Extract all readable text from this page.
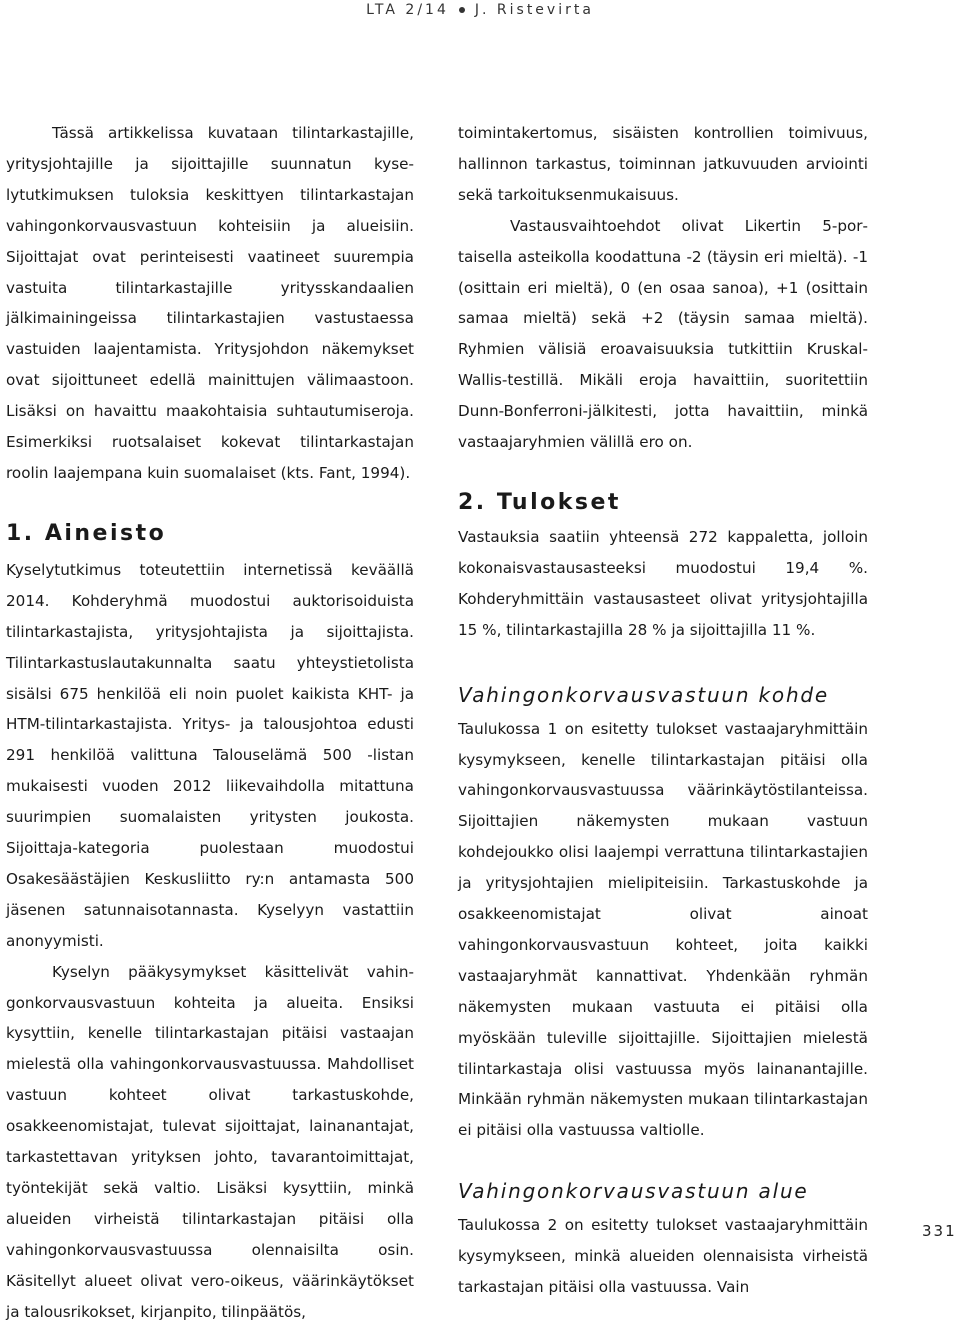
LTA 2/14 J. Ristevirta

Tässä artikkelissa kuvataan tilintarkastajille, yritysjohtajille ja sijoittajille suunnatun kyselytutkimuksen tuloksia keskittyen tilintarkastajan vahingonkorvausvastuun kohteisiin ja alueisiin. Sijoittajat ovat perinteisesti vaatineet suurempia vastuita tilintarkastajille yritysskandaalien jälkimainingeissa tilintarkastajien vastustaessa vastuiden laajentamista. Yritysjohdon näkemykset ovat sijoittuneet edellä mainittujen välimaastoon. Lisäksi on havaittu maakohtaisia suhtautumiseroja. Esimerkiksi ruotsalaiset kokevat tilintarkastajan roolin laajempana kuin suomalaiset (kts. Fant, 1994).

1. Aineisto

Kyselytutkimus toteutettiin internetissä keväällä 2014. Kohderyhmä muodostui auktorisoiduista tilintarkastajista, yritysjohtajista ja sijoittajista. Tilintarkastuslautakunnalta saatu yhteystietolista sisälsi 675 henkilöä eli noin puolet kaikista KHT- ja HTM-tilintarkastajista. Yritys- ja talousjohtoa edusti 291 henkilöä valittuna Talouselämä 500 -listan mukaisesti vuoden 2012 liikevaihdolla mitattuna suurimpien suomalaisten yritysten joukosta. Sijoittaja-kategoria puolestaan muodostui Osakesäästäjien Keskusliitto ry:n antamasta 500 jäsenen satunnaisotannasta. Kyselyyn vastattiin anonyymisti.

Kyselyn pääkysymykset käsittelivät vahingonkorvausvastuun kohteita ja alueita. Ensiksi kysyttiin, kenelle tilintarkastajan pitäisi vastaajan mielestä olla vahingonkorvausvastuussa. Mahdolliset vastuun kohteet olivat tarkastuskohde, osakkeenomistajat, tulevat sijoittajat, lainanantajat, tarkastettavan yrityksen johto, tavarantoimittajat, työntekijät sekä valtio. Lisäksi kysyttiin, minkä alueiden virheistä tilintarkastajan pitäisi olla vahingonkorvausvastuussa olennaisilta osin. Käsitellyt alueet olivat vero-oikeus, väärinkäytökset ja talousrikokset, kirjanpito, tilinpäätös,

toimintakertomus, sisäisten kontrollien toimivuus, hallinnon tarkastus, toiminnan jatkuvuuden arviointi sekä tarkoituksenmukaisuus.

Vastausvaihtoehdot olivat Likertin 5-portaisella asteikolla koodattuna -2 (täysin eri mieltä). -1 (osittain eri mieltä), 0 (en osaa sanoa), +1 (osittain samaa mieltä) sekä +2 (täysin samaa mieltä). Ryhmien välisiä eroavaisuuksia tutkittiin Kruskal-Wallis-testillä. Mikäli eroja havaittiin, suoritettiin Dunn-Bonferroni-jälkitesti, jotta havaittiin, minkä vastaajaryhmien välillä ero on.

2. Tulokset

Vastauksia saatiin yhteensä 272 kappaletta, jolloin kokonaisvastausasteeksi muodostui 19,4 %. Kohderyhmittäin vastausasteet olivat yritysjohtajilla 15 %, tilintarkastajilla 28 % ja sijoittajilla 11 %.

Vahingonkorvausvastuun kohde

Taulukossa 1 on esitetty tulokset vastaajaryhmittäin kysymykseen, kenelle tilintarkastajan pitäisi olla vahingonkorvausvastuussa väärinkäytöstilanteissa. Sijoittajien näkemysten mukaan vastuun kohdejoukko olisi laajempi verrattuna tilintarkastajien ja yritysjohtajien mielipiteisiin. Tarkastuskohde ja osakkeenomistajat olivat ainoat vahingonkorvausvastuun kohteet, joita kaikki vastaajaryhmät kannattivat. Yhdenkään ryhmän näkemysten mukaan vastuuta ei pitäisi olla myöskään tuleville sijoittajille. Sijoittajien mielestä tilintarkastaja olisi vastuussa myös lainanantajille. Minkään ryhmän näkemysten mukaan tilintarkastajan ei pitäisi olla vastuussa valtiolle.

Vahingonkorvausvastuun alue

Taulukossa 2 on esitetty tulokset vastaajaryhmittäin kysymykseen, minkä alueiden olennaisista virheistä tarkastajan pitäisi olla vastuussa. Vain

331
